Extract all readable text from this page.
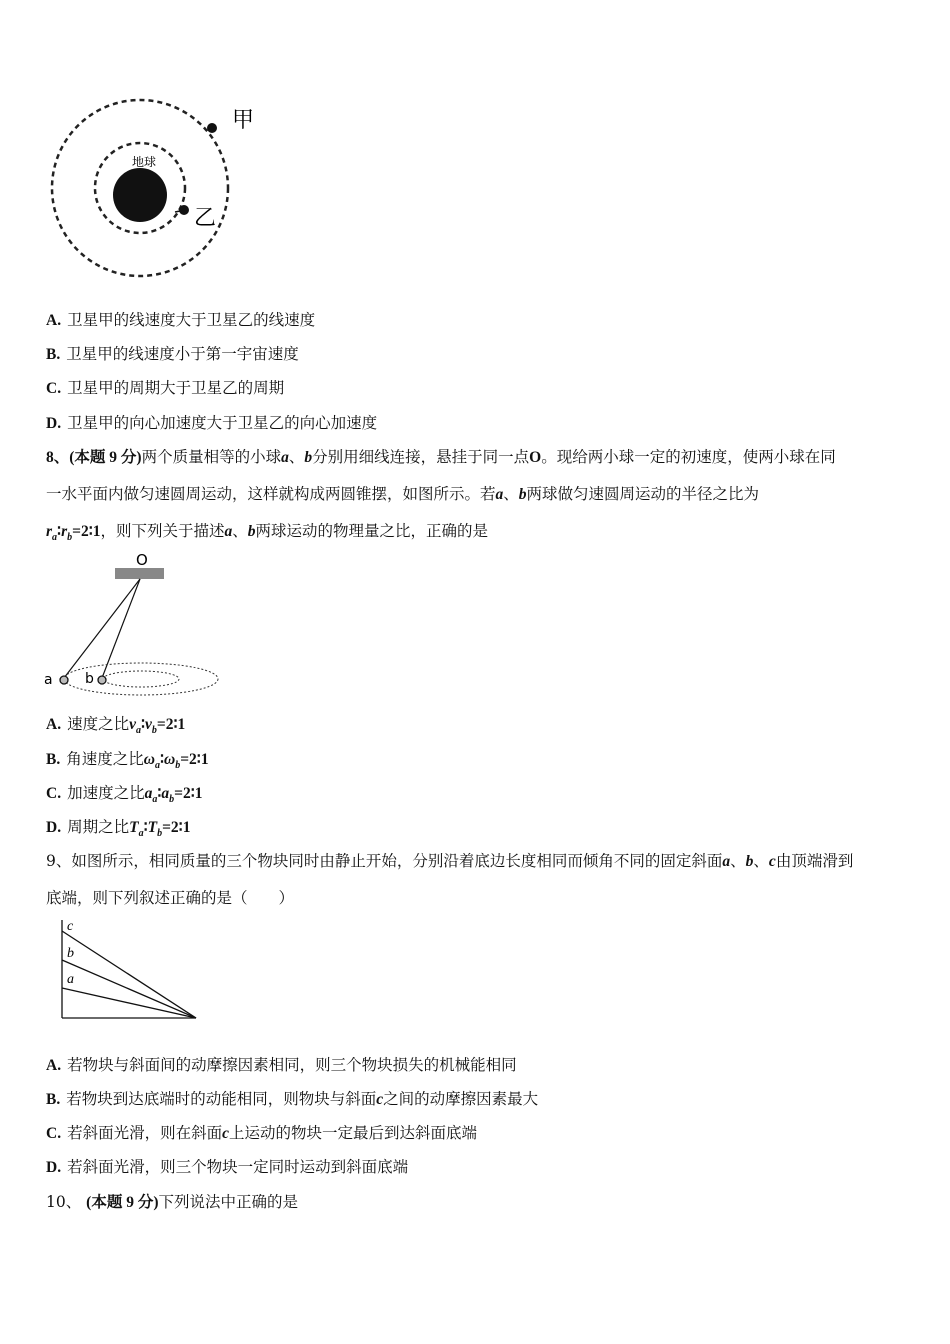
甲
乙
地球
A. 卫星甲的线速度大于卫星乙的线速度
B. 卫星甲的线速度小于第一宇宙速度
C. 卫星甲的周期大于卫星乙的周期
D. 卫星甲的向心加速度大于卫星乙的向心加速度
8、(本题 9 分)两个质量相等的小球a、b分别用细线连接，悬挂于同一点O。现给两小球一定的初速度，使两小球在同
一水平面内做匀速圆周运动，这样就构成两圆锥摆，如图所示。若a、b两球做匀速圆周运动的半径之比为
$r_a∶r_b=2∶1$，则下列关于描述a、b两球运动的物理量之比，正确的是
O
a b
A. 速度之比$v_a∶v_b=2∶1$
B. 角速度之比$\omega_a∶\omega_b=2∶1$
C. 加速度之比$a_a∶a_b=2∶1$
D. 周期之比$T_a∶T_b=2∶1$
9、如图所示，相同质量的三个物块同时由静止开始，分别沿着底边长度相同而倾角不同的固定斜面a、b、c由顶端滑到
底端，则下列叙述正确的是（　　）
c
b
a
A. 若物块与斜面间的动摩擦因素相同，则三个物块损失的机械能相同
B. 若物块到达底端时的动能相同，则物块与斜面c之间的动摩擦因素最大
C. 若斜面光滑，则在斜面c上运动的物块一定最后到达斜面底端
D. 若斜面光滑，则三个物块一定同时运动到斜面底端
10、 (本题 9 分)下列说法中正确的是
